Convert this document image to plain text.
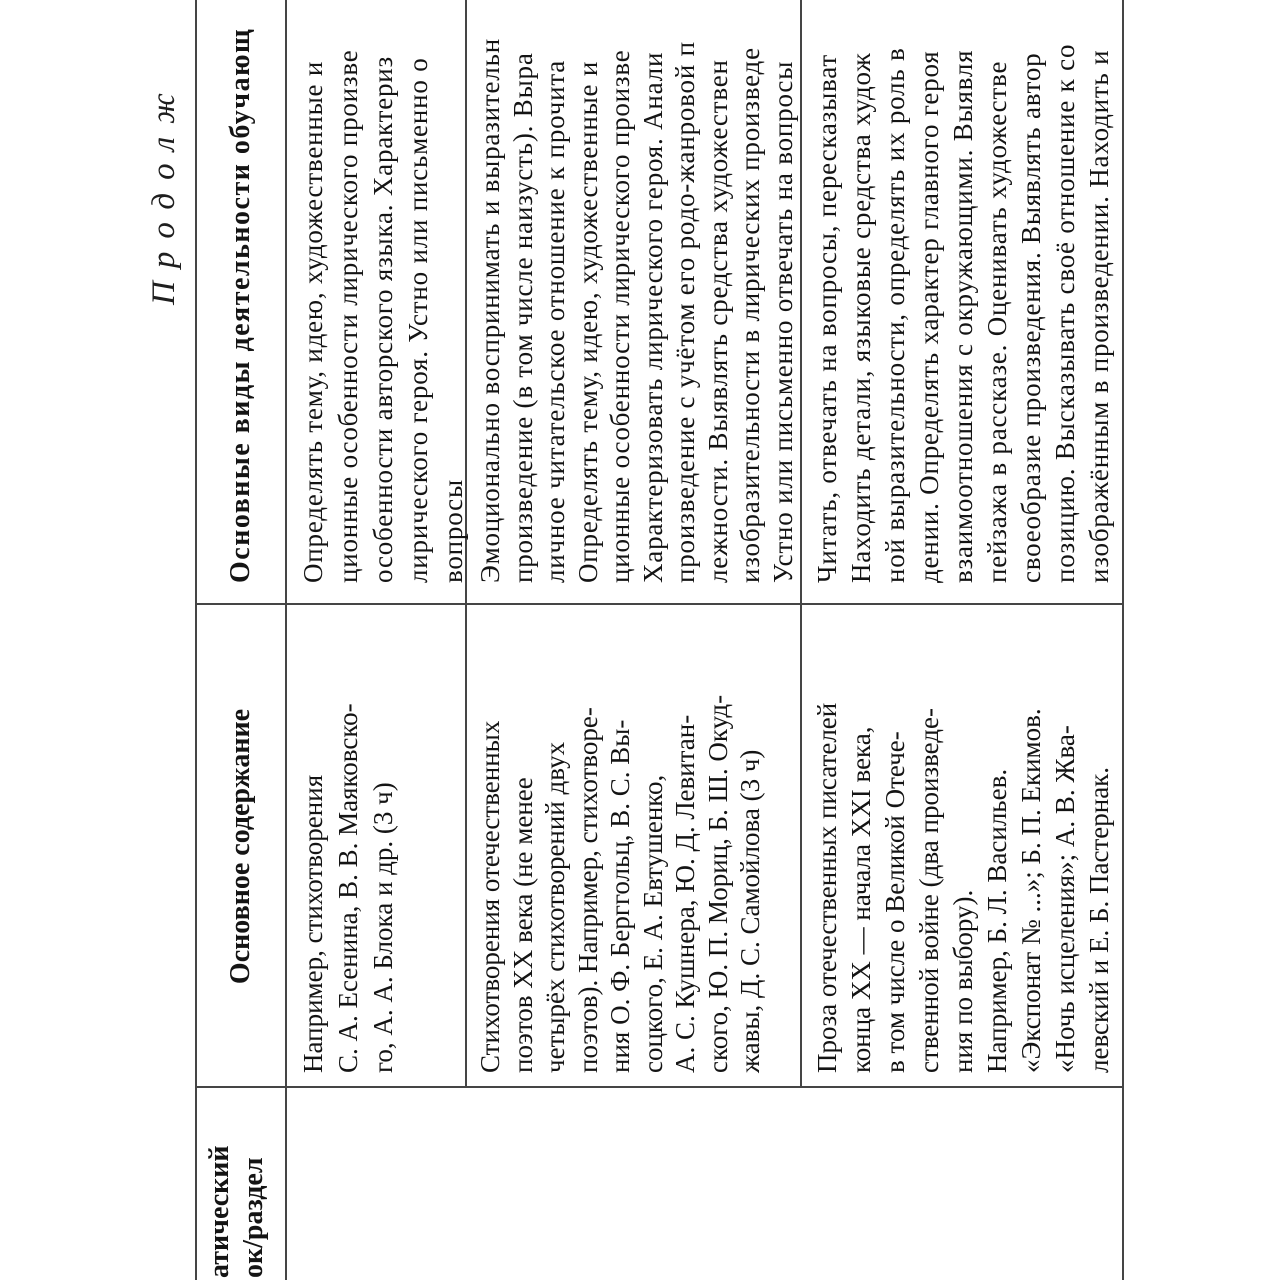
Продолж
атический ок/раздел
Основное содержание
Основные виды деятельности обучающ
Например, стихотворения С. А. Есенина, В. В. Маяковско- го, А. А. Блока и др. (3 ч)
Определять тему, идею, художественные и ционные особенности лирического произве особенности авторского языка. Характериз лирического героя. Устно или письменно о вопросы
Стихотворения отечественных поэтов XX века (не менее четырёх стихотворений двух поэтов). Например, стихотворе- ния О. Ф. Берггольц, В. С. Вы- соцкого, Е. А. Евтушенко, А. С. Кушнера, Ю. Д. Левитан- ского, Ю. П. Мориц, Б. Ш. Окуд- жавы, Д. С. Самойлова (3 ч)
Эмоционально воспринимать и выразительн произведение (в том числе наизусть). Выра личное читательское отношение к прочита Определять тему, идею, художественные и ционные особенности лирического произве Характеризовать лирического героя. Анали произведение с учётом его родо-жанровой п лежности. Выявлять средства художествен изобразительности в лирических произведе Устно или письменно отвечать на вопросы
Проза отечественных писателей конца XX — начала XXI века, в том числе о Великой Отече- ственной войне (два произведе- ния по выбору). Например, Б. Л. Васильев. «Экспонат № ...»; Б. П. Екимов. «Ночь исцеления»; А. В. Жва- левский и Е. Б. Пастернак.
Читать, отвечать на вопросы, пересказыват Находить детали, языковые средства худож ной выразительности, определять их роль в дении. Определять характер главного героя взаимоотношения с окружающими. Выявля пейзажа в рассказе. Оценивать художестве своеобразие произведения. Выявлять автор позицию. Высказывать своё отношение к со изображённым в произведении. Находить и
